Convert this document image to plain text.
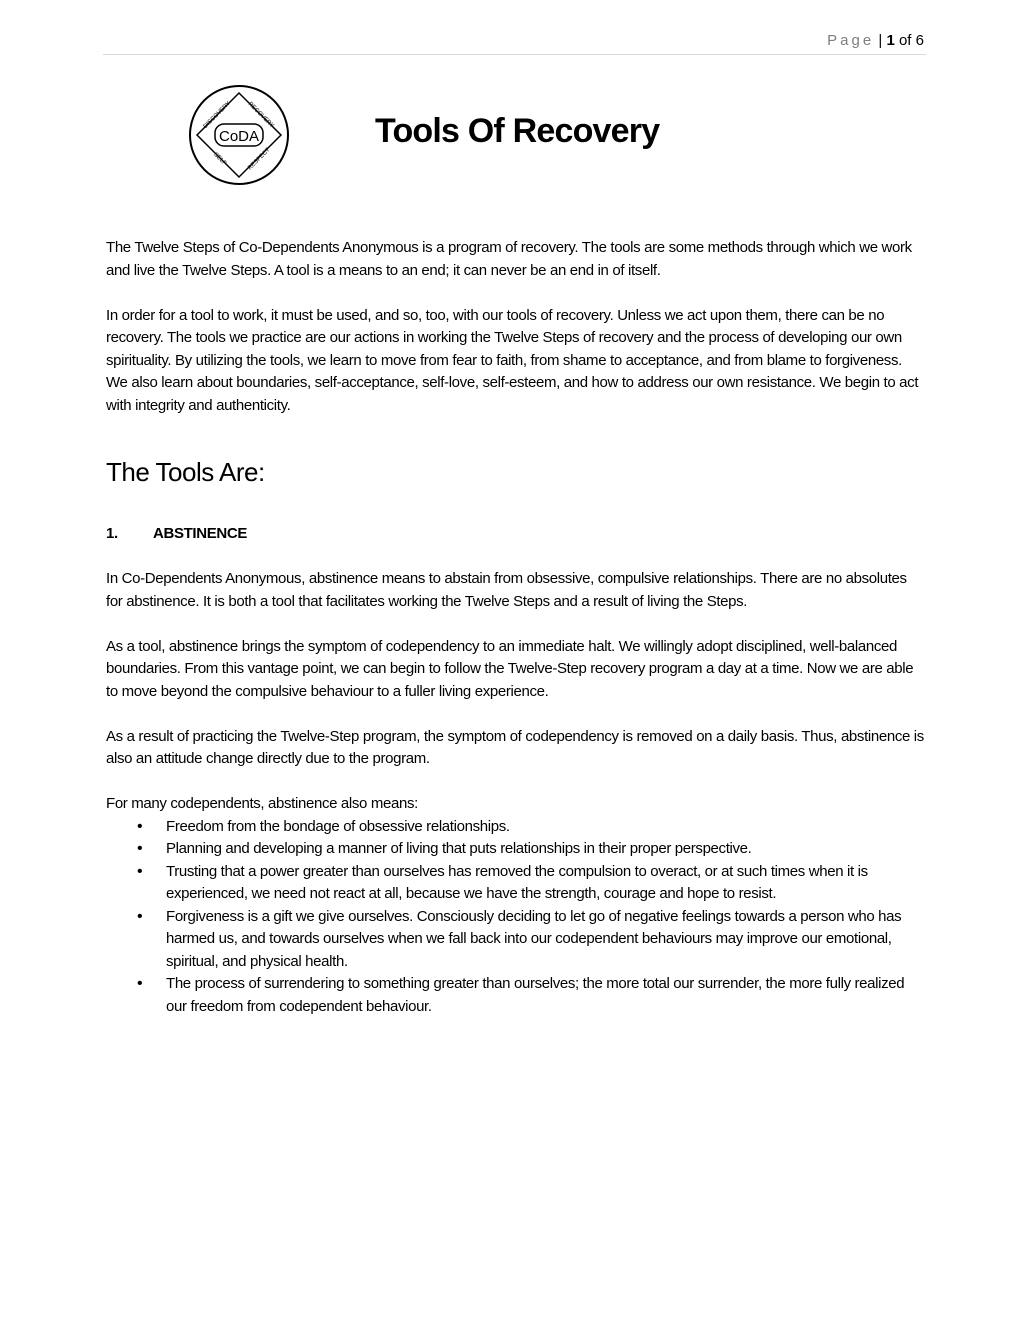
Page | 1 of 6
CoDA
DISCOVERY RECOVERY
SELF	RESPECT
Tools Of Recovery

The Twelve Steps of Co-Dependents Anonymous is a program of recovery. The tools are some methods through which we work and live the Twelve Steps. A tool is a means to an end; it can never be an end in of itself.

In order for a tool to work, it must be used, and so, too, with our tools of recovery. Unless we act upon them, there can be no recovery. The tools we practice are our actions in working the Twelve Steps of recovery and the process of developing our own spirituality. By utilizing the tools, we learn to move from fear to faith, from shame to acceptance, and from blame to forgiveness. We also learn about boundaries, self-acceptance, self-love, self-esteem, and how to address our own resistance. We begin to act with integrity and authenticity.

The Tools Are:
1. ABSTINENCE

In Co-Dependents Anonymous, abstinence means to abstain from obsessive, compulsive relationships. There are no absolutes for abstinence. It is both a tool that facilitates working the Twelve Steps and a result of living the Steps.

As a tool, abstinence brings the symptom of codependency to an immediate halt. We willingly adopt disciplined, well-balanced boundaries. From this vantage point, we can begin to follow the Twelve-Step recovery program a day at a time. Now we are able to move beyond the compulsive behaviour to a fuller living experience.

As a result of practicing the Twelve-Step program, the symptom of codependency is removed on a daily basis. Thus, abstinence is also an attitude change directly due to the program.

For many codependents, abstinence also means:

• Freedom from the bondage of obsessive relationships.
• Planning and developing a manner of living that puts relationships in their proper perspective.
• Trusting that a power greater than ourselves has removed the compulsion to overact, or at such times when it is experienced, we need not react at all, because we have the strength, courage and hope to resist.
• Forgiveness is a gift we give ourselves. Consciously deciding to let go of negative feelings towards a person who has harmed us, and towards ourselves when we fall back into our codependent behaviours may improve our emotional, spiritual, and physical health.
• The process of surrendering to something greater than ourselves; the more total our surrender, the more fully realized our freedom from codependent behaviour.
